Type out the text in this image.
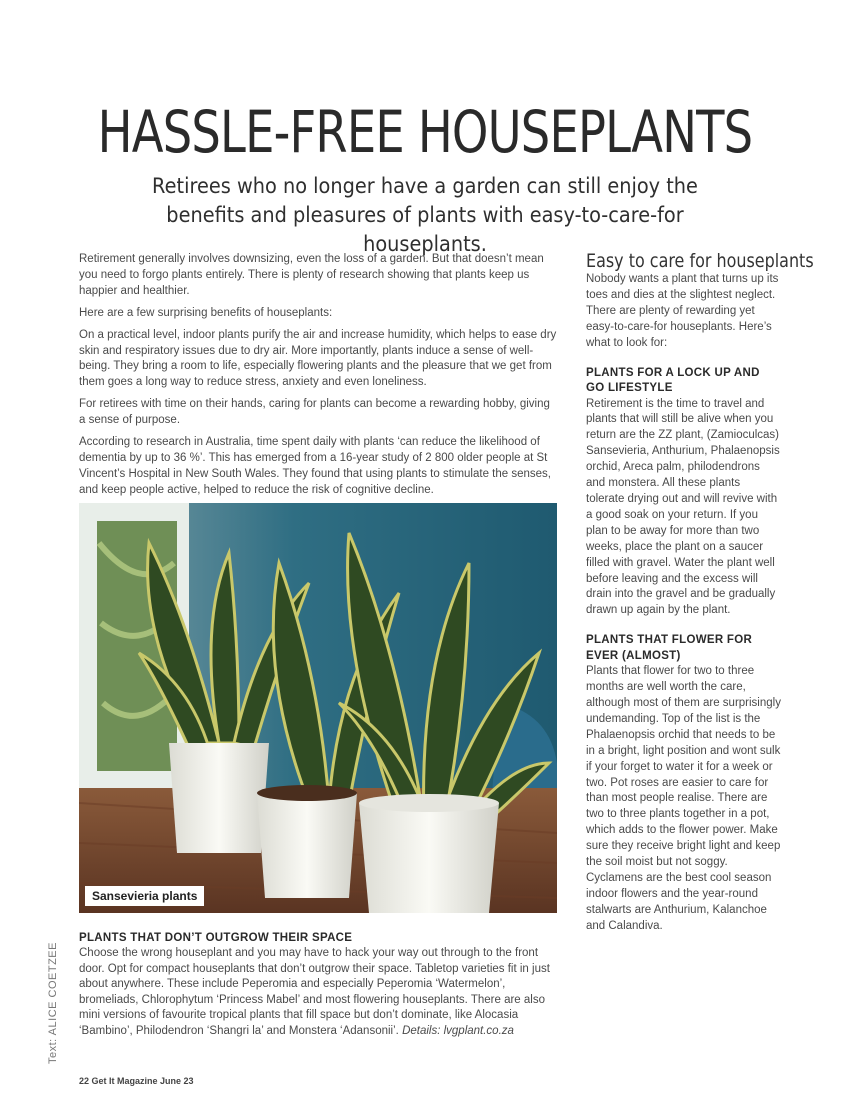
HASSLE-FREE HOUSEPLANTS

Retirees who no longer have a garden can still enjoy the benefits and pleasures of plants with easy-to-care-for houseplants.

Retirement generally involves downsizing, even the loss of a garden. But that doesn’t mean you need to forgo plants entirely. There is plenty of research showing that plants keep us happier and healthier.

Here are a few surprising benefits of houseplants:

On a practical level, indoor plants purify the air and increase humidity, which helps to ease dry skin and respiratory issues due to dry air. More importantly, plants induce a sense of well-being. They bring a room to life, especially flowering plants and the pleasure that we get from them goes a long way to reduce stress, anxiety and even loneliness.

For retirees with time on their hands, caring for plants can become a rewarding hobby, giving a sense of purpose.

According to research in Australia, time spent daily with plants ‘can reduce the likelihood of dementia by up to 36 %’. This has emerged from a 16-year study of 2 800 older people at St Vincent’s Hospital in New South Wales. They found that using plants to stimulate the senses, and keep people active, helped to reduce the risk of cognitive decline.

Sansevieria plants
PLANTS THAT DON’T OUTGROW THEIR SPACE

Choose the wrong houseplant and you may have to hack your way out through to the front door. Opt for compact houseplants that don’t outgrow their space. Tabletop varieties fit in just about anywhere. These include Peperomia and especially Peperomia ‘Watermelon’, bromeliads, Chlorophytum ‘Princess Mabel’ and most flowering houseplants. There are also mini versions of favourite tropical plants that fill space but don’t dominate, like Alocasia ‘Bambino’, Philodendron ‘Shangri la’ and Monstera ‘Adansonii’. Details: lvgplant.co.za

Easy to care for houseplants

Nobody wants a plant that turns up its toes and dies at the slightest neglect. There are plenty of rewarding yet easy-to-care-for houseplants. Here’s what to look for:

PLANTS FOR A LOCK UP AND GO LIFESTYLE

Retirement is the time to travel and plants that will still be alive when you return are the ZZ plant, (Zamioculcas) Sansevieria, Anthurium, Phalaenopsis orchid, Areca palm, philodendrons and monstera. All these plants tolerate drying out and will revive with a good soak on your return. If you plan to be away for more than two weeks, place the plant on a saucer filled with gravel. Water the plant well before leaving and the excess will drain into the gravel and be gradually drawn up again by the plant.

PLANTS THAT FLOWER FOR EVER (ALMOST)

Plants that flower for two to three months are well worth the care, although most of them are surprisingly undemanding. Top of the list is the Phalaenopsis orchid that needs to be in a bright, light position and wont sulk if your forget to water it for a week or two. Pot roses are easier to care for than most people realise. There are two to three plants together in a pot, which adds to the flower power. Make sure they receive bright light and keep the soil moist but not soggy. Cyclamens are the best cool season indoor flowers and the year-round stalwarts are Anthurium, Kalanchoe and Calandiva.

Text: ALICE COETZEE
22 Get It Magazine June 23
